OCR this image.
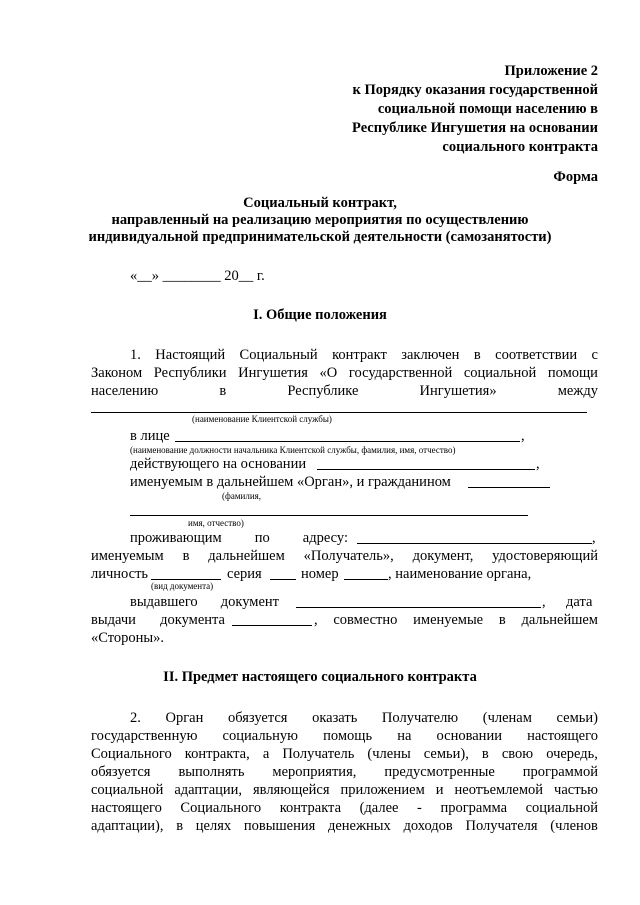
Приложение 2
к Порядку оказания государственной
социальной помощи населению в
Республике Ингушетия на основании
социального контракта
Форма
Социальный контракт,
направленный на реализацию мероприятия по осуществлению
индивидуальной предпринимательской деятельности (самозанятости)
«__» ________ 20__ г.
I. Общие положения
1. Настоящий Социальный контракт заключен в соответствии с
Законом Республики Ингушетия «О государственной социальной помощи
населению	в	Республике	Ингушетия»	между
(наименование Клиентской службы)
в лице	,
(наименование должности начальника Клиентской службы, фамилия, имя, отчество)
действующего на основании	,
именуемым в дальнейшем «Орган», и гражданином
(фамилия,
имя, отчество)
проживающим по адресу:	,
именуемым в дальнейшем «Получатель», документ, удостоверяющий
личность	серия	номер	, наименование органа,
(вид документа)
выдавшего документ	, дата
выдачи документа	, совместно именуемые в дальнейшем
«Стороны».
II. Предмет настоящего социального контракта
2. Орган обязуется оказать Получателю (членам семьи)
государственную социальную помощь на основании настоящего
Социального контракта, а Получатель (члены семьи), в свою очередь,
обязуется выполнять мероприятия, предусмотренные программой
социальной адаптации, являющейся приложением и неотъемлемой частью
настоящего Социального контракта (далее - программа социальной
адаптации), в целях повышения денежных доходов Получателя (членов
